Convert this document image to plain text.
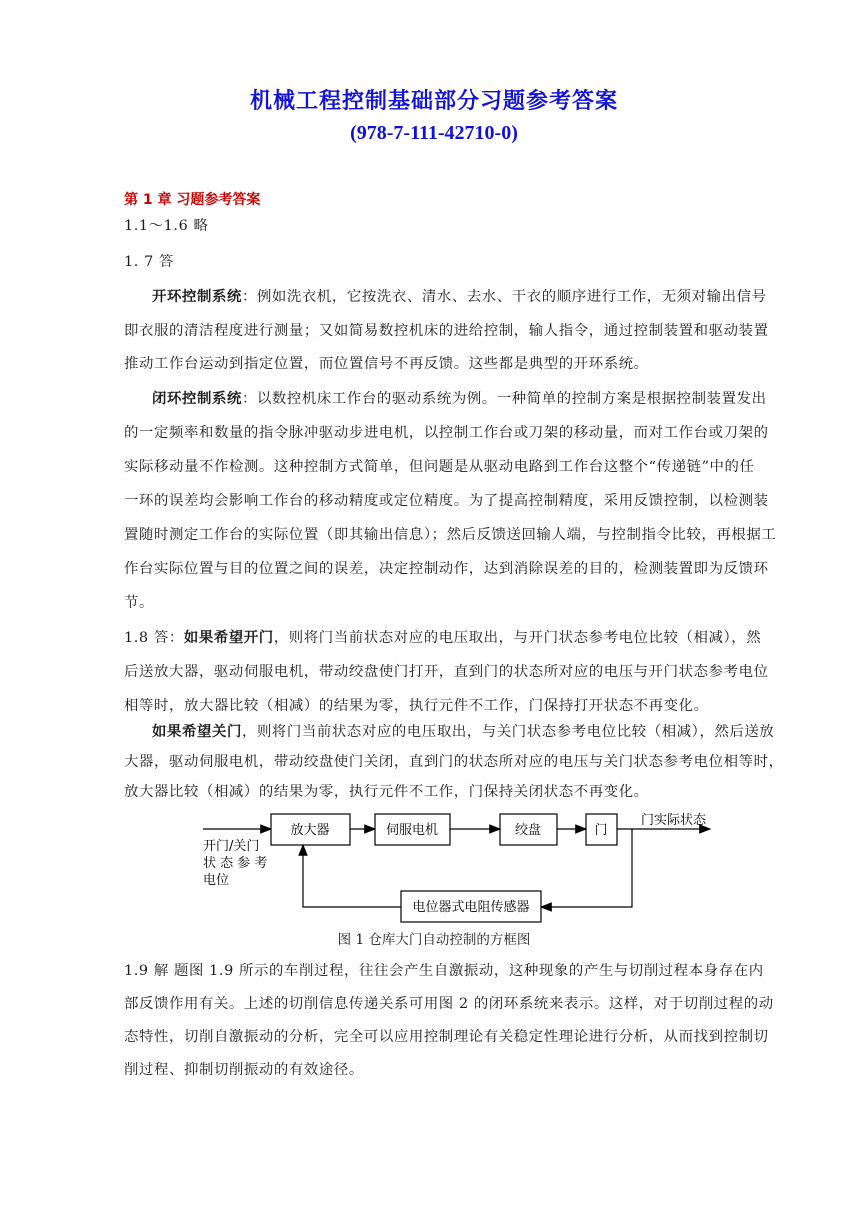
机械工程控制基础部分习题参考答案
(978-7-111-42710-0)
第 1 章 习题参考答案
1.1～1.6 略
1. 7 答
开环控制系统：例如洗衣机，它按洗衣、清水、去水、干衣的顺序进行工作，无须对输出信号
即衣服的清洁程度进行测量；又如简易数控机床的进给控制，输人指令，通过控制装置和驱动装置
推动工作台运动到指定位置，而位置信号不再反馈。这些都是典型的开环系统。
闭环控制系统：以数控机床工作台的驱动系统为例。一种简单的控制方案是根据控制装置发出
的一定频率和数量的指令脉冲驱动步进电机，以控制工作台或刀架的移动量，而对工作台或刀架的
实际移动量不作检测。这种控制方式简单，但问题是从驱动电路到工作台这整个“传递链”中的任
一环的误差均会影响工作台的移动精度或定位精度。为了提高控制精度，采用反馈控制，以检测装
置随时测定工作台的实际位置（即其输出信息）；然后反馈送回输人端，与控制指令比较，再根据工
作台实际位置与目的位置之间的误差，决定控制动作，达到消除误差的目的，检测装置即为反馈环
节。
1.8 答：如果希望开门，则将门当前状态对应的电压取出，与开门状态参考电位比较（相减），然
后送放大器，驱动伺服电机，带动绞盘使门打开，直到门的状态所对应的电压与开门状态参考电位
相等时，放大器比较（相减）的结果为零，执行元件不工作，门保持打开状态不再变化。
如果希望关门，则将门当前状态对应的电压取出，与关门状态参考电位比较（相减），然后送放
大器，驱动伺服电机，带动绞盘使门关闭，直到门的状态所对应的电压与关门状态参考电位相等时，
放大器比较（相减）的结果为零，执行元件不工作，门保持关闭状态不再变化。
放大器	伺服电机	绞盘	门
门实际状态
电位器式电阻传感器
开门/关门
状 态 参 考
电位
图 1 仓库大门自动控制的方框图
1.9 解 题图 1.9 所示的车削过程，往往会产生自激振动，这种现象的产生与切削过程本身存在内
部反馈作用有关。上述的切削信息传递关系可用图 2 的闭环系统来表示。这样，对于切削过程的动
态特性，切削自激振动的分析，完全可以应用控制理论有关稳定性理论进行分析，从而找到控制切
削过程、抑制切削振动的有效途径。
